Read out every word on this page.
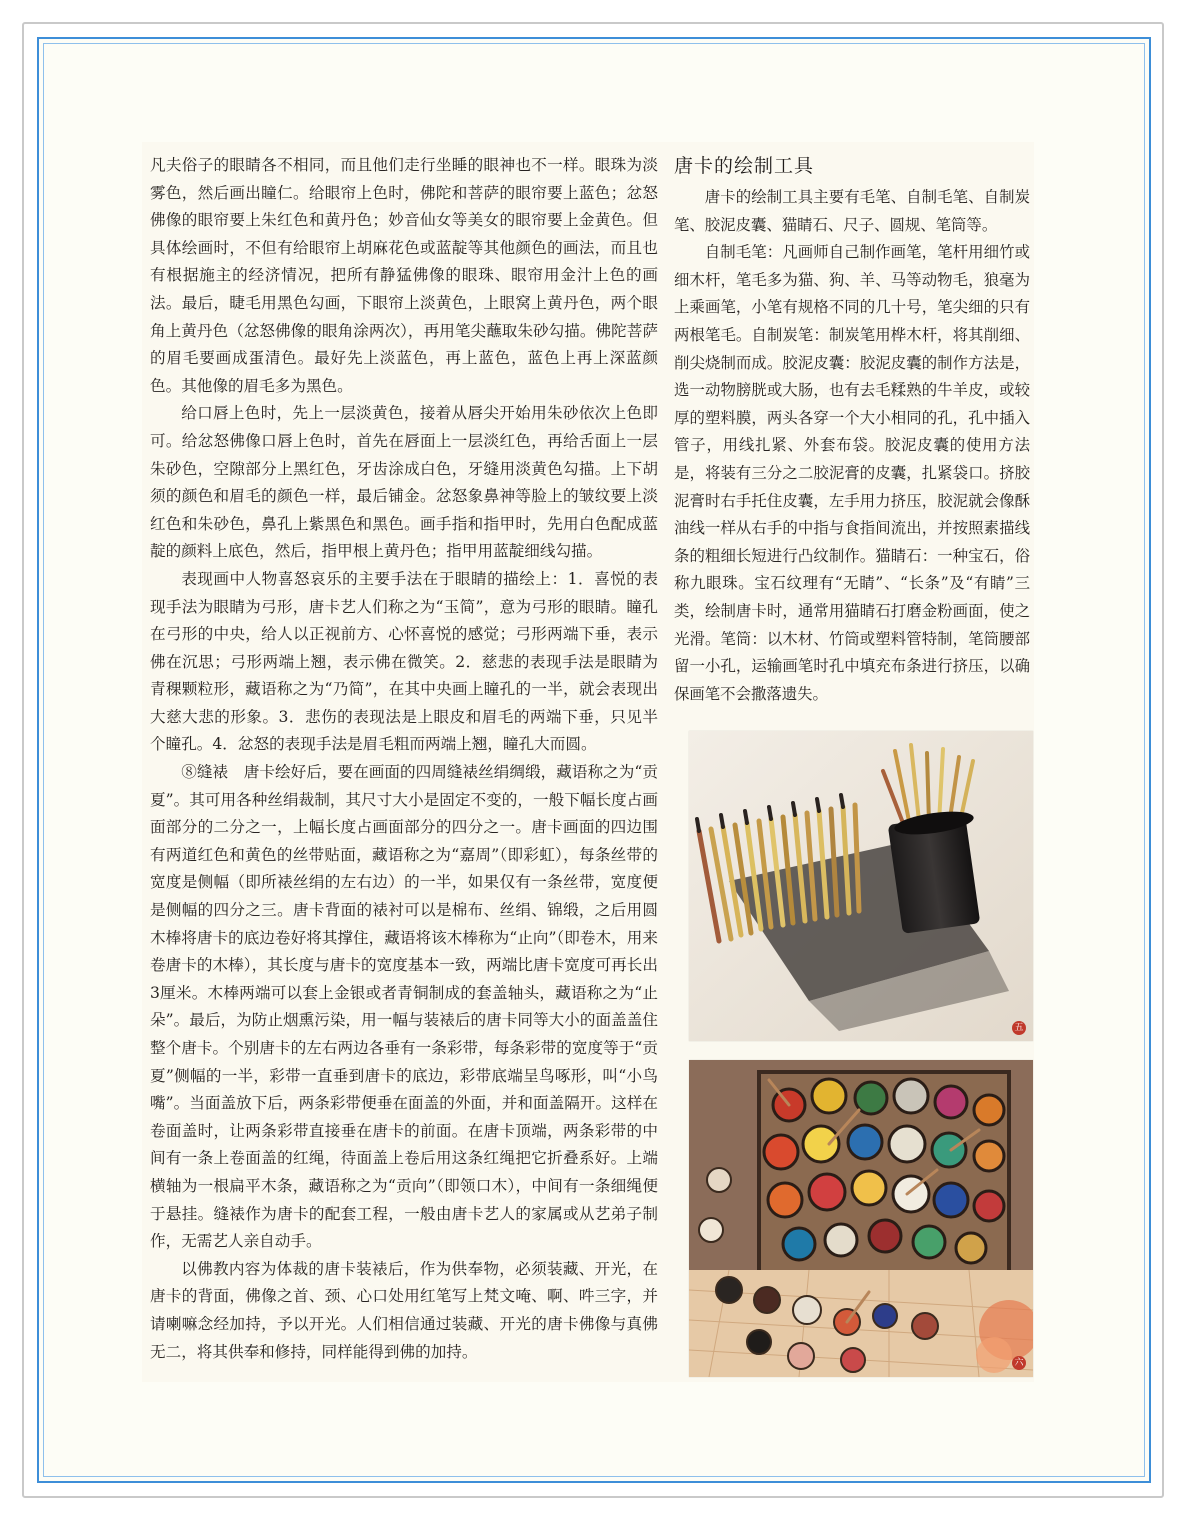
凡夫俗子的眼睛各不相同，而且他们走行坐睡的眼神也不一样。眼珠为淡雾色，然后画出瞳仁。给眼帘上色时，佛陀和菩萨的眼帘要上蓝色；忿怒佛像的眼帘要上朱红色和黄丹色；妙音仙女等美女的眼帘要上金黄色。但具体绘画时，不但有给眼帘上胡麻花色或蓝靛等其他颜色的画法，而且也有根据施主的经济情况，把所有静猛佛像的眼珠、眼帘用金汁上色的画法。最后，睫毛用黑色勾画，下眼帘上淡黄色，上眼窝上黄丹色，两个眼角上黄丹色（忿怒佛像的眼角涂两次），再用笔尖蘸取朱砂勾描。佛陀菩萨的眉毛要画成蛋清色。最好先上淡蓝色，再上蓝色，蓝色上再上深蓝颜色。其他像的眉毛多为黑色。

给口唇上色时，先上一层淡黄色，接着从唇尖开始用朱砂依次上色即可。给忿怒佛像口唇上色时，首先在唇面上一层淡红色，再给舌面上一层朱砂色，空隙部分上黑红色，牙齿涂成白色，牙缝用淡黄色勾描。上下胡须的颜色和眉毛的颜色一样，最后铺金。忿怒象鼻神等脸上的皱纹要上淡红色和朱砂色，鼻孔上紫黑色和黑色。画手指和指甲时，先用白色配成蓝靛的颜料上底色，然后，指甲根上黄丹色；指甲用蓝靛细线勾描。

表现画中人物喜怒哀乐的主要手法在于眼睛的描绘上：1．喜悦的表现手法为眼睛为弓形，唐卡艺人们称之为“玉简”，意为弓形的眼睛。瞳孔在弓形的中央，给人以正视前方、心怀喜悦的感觉；弓形两端下垂，表示佛在沉思；弓形两端上翘，表示佛在微笑。2．慈悲的表现手法是眼睛为青稞颗粒形，藏语称之为“乃简”，在其中央画上瞳孔的一半，就会表现出大慈大悲的形象。3．悲伤的表现法是上眼皮和眉毛的两端下垂，只见半个瞳孔。4．忿怒的表现手法是眉毛粗而两端上翘，瞳孔大而圆。

⑧缝裱　唐卡绘好后，要在画面的四周缝裱丝绢绸缎，藏语称之为“贡夏”。其可用各种丝绢裁制，其尺寸大小是固定不变的，一般下幅长度占画面部分的二分之一，上幅长度占画面部分的四分之一。唐卡画面的四边围有两道红色和黄色的丝带贴面，藏语称之为“嘉周”（即彩虹），每条丝带的宽度是侧幅（即所裱丝绢的左右边）的一半，如果仅有一条丝带，宽度便是侧幅的四分之三。唐卡背面的裱衬可以是棉布、丝绢、锦缎，之后用圆木棒将唐卡的底边卷好将其撑住，藏语将该木棒称为“止向”（即卷木，用来卷唐卡的木棒），其长度与唐卡的宽度基本一致，两端比唐卡宽度可再长出3厘米。木棒两端可以套上金银或者青铜制成的套盖轴头，藏语称之为“止朵”。最后，为防止烟熏污染，用一幅与装裱后的唐卡同等大小的面盖盖住整个唐卡。个别唐卡的左右两边各垂有一条彩带，每条彩带的宽度等于“贡夏”侧幅的一半，彩带一直垂到唐卡的底边，彩带底端呈鸟啄形，叫“小鸟嘴”。当面盖放下后，两条彩带便垂在面盖的外面，并和面盖隔开。这样在卷面盖时，让两条彩带直接垂在唐卡的前面。在唐卡顶端，两条彩带的中间有一条上卷面盖的红绳，待面盖上卷后用这条红绳把它折叠系好。上端横轴为一根扁平木条，藏语称之为“贡向”（即领口木），中间有一条细绳便于悬挂。缝裱作为唐卡的配套工程，一般由唐卡艺人的家属或从艺弟子制作，无需艺人亲自动手。

以佛教内容为体裁的唐卡装裱后，作为供奉物，必须装藏、开光，在唐卡的背面，佛像之首、颈、心口处用红笔写上梵文唵、啊、吽三字，并请喇嘛念经加持，予以开光。人们相信通过装藏、开光的唐卡佛像与真佛无二，将其供奉和修持，同样能得到佛的加持。

唐卡的绘制工具

唐卡的绘制工具主要有毛笔、自制毛笔、自制炭笔、胶泥皮囊、猫睛石、尺子、圆规、笔筒等。

自制毛笔：凡画师自己制作画笔，笔杆用细竹或细木杆，笔毛多为猫、狗、羊、马等动物毛，狼毫为上乘画笔，小笔有规格不同的几十号，笔尖细的只有两根笔毛。自制炭笔：制炭笔用桦木杆，将其削细、削尖烧制而成。胶泥皮囊：胶泥皮囊的制作方法是，选一动物膀胱或大肠，也有去毛糅熟的牛羊皮，或较厚的塑料膜，两头各穿一个大小相同的孔，孔中插入管子，用线扎紧、外套布袋。胶泥皮囊的使用方法是，将装有三分之二胶泥膏的皮囊，扎紧袋口。挤胶泥膏时右手托住皮囊，左手用力挤压，胶泥就会像酥油线一样从右手的中指与食指间流出，并按照素描线条的粗细长短进行凸纹制作。猫睛石：一种宝石，俗称九眼珠。宝石纹理有“无睛”、“长条”及“有睛”三类，绘制唐卡时，通常用猫睛石打磨金粉画面，使之光滑。笔筒：以木材、竹筒或塑料管特制，笔筒腰部留一小孔，运输画笔时孔中填充布条进行挤压，以确保画笔不会撒落遗失。

五
六
